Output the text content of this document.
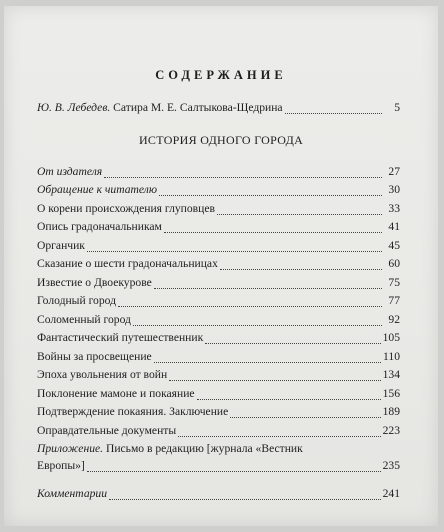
СОДЕРЖАНИЕ
Ю. В. Лебедев. Сатира М. Е. Салтыкова-Щедрина	5
ИСТОРИЯ ОДНОГО ГОРОДА
От издателя	27
Обращение к читателю	30
О корени происхождения глуповцев	33
Опись градоначальникам	41
Органчик	45
Сказание о шести градоначальницах	60
Известие о Двоекурове	75
Голодный город	77
Соломенный город	92
Фантастический путешественник	105
Войны за просвещение	110
Эпоха увольнения от войн	134
Поклонение мамоне и покаяние	156
Подтверждение покаяния. Заключение	189
Оправдательные документы	223
Приложение. Письмо в редакцию [журнала «Вестник
Европы»]	235
Комментарии	241
